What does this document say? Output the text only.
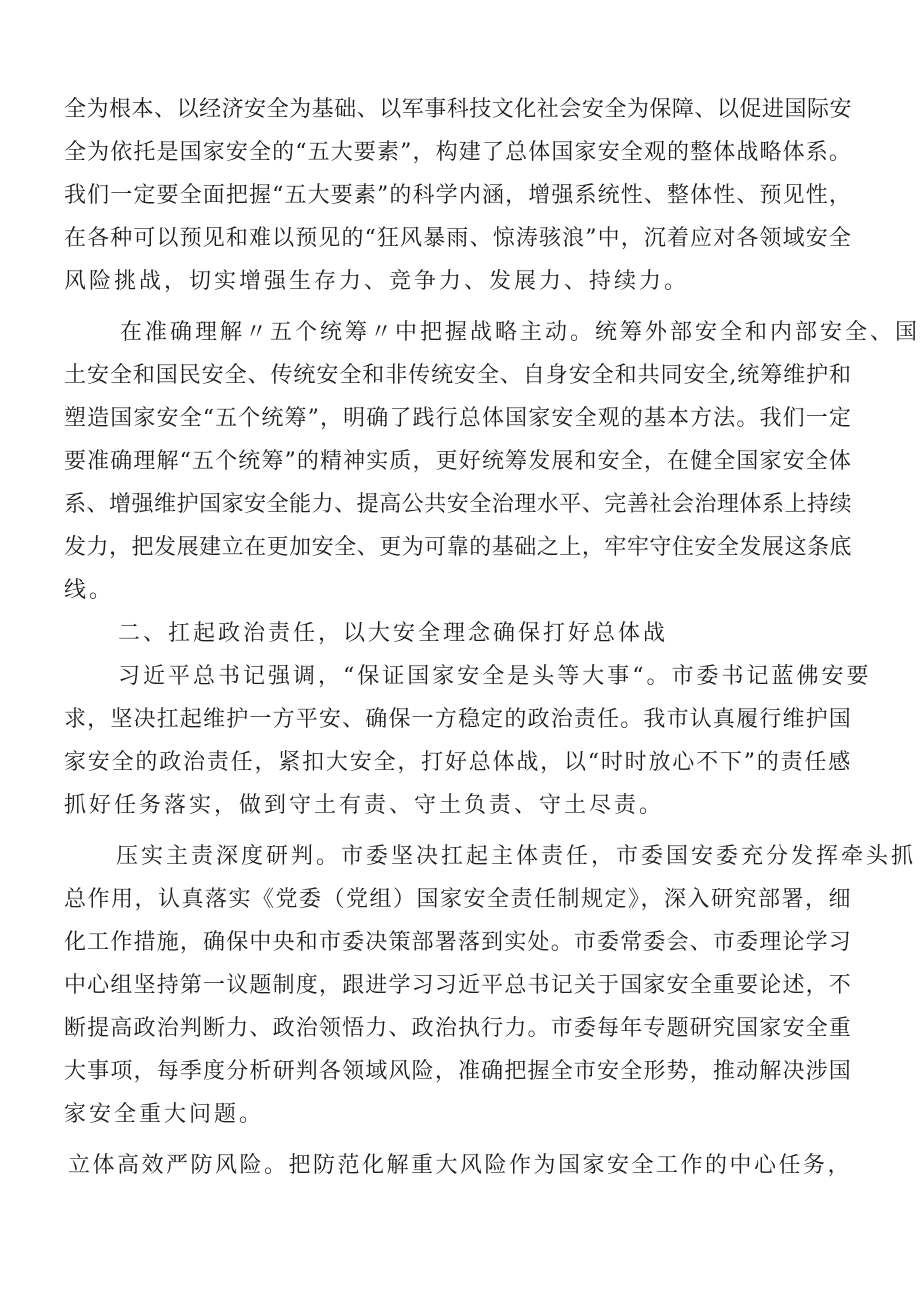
全为根本、以经济安全为基础、以军事科技文化社会安全为保障、以促进国际安
全为依托是国家安全的“五大要素”，构建了总体国家安全观的整体战略体系。
我们一定要全面把握“五大要素”的科学内涵，增强系统性、整体性、预见性，
在各种可以预见和难以预见的“狂风暴雨、惊涛骇浪”中，沉着应对各领域安全
风险挑战，切实增强生存力、竞争力、发展力、持续力。
在准确理解〃五个统筹〃中把握战略主动。统筹外部安全和内部安全、国
土安全和国民安全、传统安全和非传统安全、自身安全和共同安全,统筹维护和
塑造国家安全“五个统筹”，明确了践行总体国家安全观的基本方法。我们一定
要准确理解“五个统筹”的精神实质，更好统筹发展和安全，在健全国家安全体
系、增强维护国家安全能力、提高公共安全治理水平、完善社会治理体系上持续
发力，把发展建立在更加安全、更为可靠的基础之上，牢牢守住安全发展这条底
线。
二、扛起政治责任，以大安全理念确保打好总体战
习近平总书记强调，“保证国家安全是头等大事“。市委书记蓝佛安要
求，坚决扛起维护一方平安、确保一方稳定的政治责任。我市认真履行维护国
家安全的政治责任，紧扣大安全，打好总体战，以“时时放心不下”的责任感
抓好任务落实，做到守土有责、守土负责、守土尽责。
压实主责深度研判。市委坚决扛起主体责任，市委国安委充分发挥牵头抓
总作用，认真落实《党委（党组）国家安全责任制规定》，深入研究部署，细
化工作措施，确保中央和市委决策部署落到实处。市委常委会、市委理论学习
中心组坚持第一议题制度，跟进学习习近平总书记关于国家安全重要论述，不
断提高政治判断力、政治领悟力、政治执行力。市委每年专题研究国家安全重
大事项，每季度分析研判各领域风险，准确把握全市安全形势，推动解决涉国
家安全重大问题。
立体高效严防风险。把防范化解重大风险作为国家安全工作的中心任务，
